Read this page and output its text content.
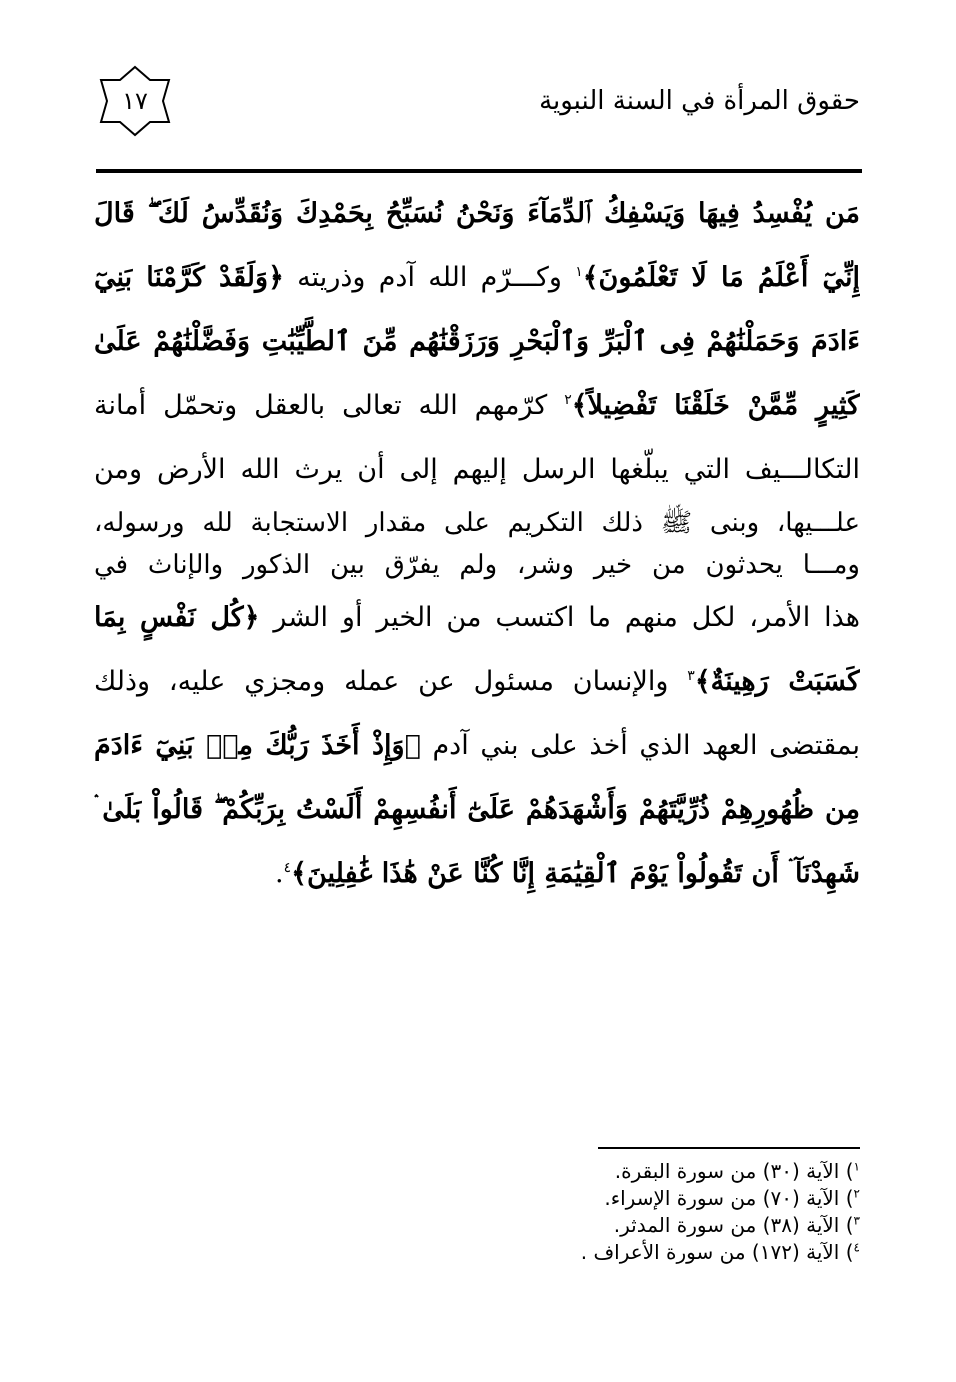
حقوق المرأة في السنة النبوية
١٧
مَن يُفْسِدُ فِيهَا وَيَسْفِكُ ٱلدِّمَآءَ وَنَحْنُ نُسَبِّحُ بِحَمْدِكَ وَنُقَدِّسُ لَكَ ۖ قَالَ
إِنِّيٓ أَعْلَمُ مَا لَا تَعْلَمُونَ﴾$^١$ وكـــرّم الله آدم وذريته ﴿وَلَقَدْ كَرَّمْنَا بَنِيٓ
ءَادَمَ وَحَمَلْنَٰهُمْ فِى ٱلْبَرِّ وَٱلْبَحْرِ وَرَزَقْنَٰهُم مِّنَ ٱلطَّيِّبَٰتِ وَفَضَّلْنَٰهُمْ عَلَىٰ
كَثِيرٍ مِّمَّنْ خَلَقْنَا تَفْضِيلاً﴾$^٢$ كرّمهم الله تعالى بالعقل وتحمّل أمانة
التكالـــيف التي يبلّغها الرسل إليهم إلى أن يرث الله الأرض ومن
علـــيها، وبنى ﷺ ذلك التكريم على مقدار الاستجابة لله ورسوله،
ومـــا يحدثون من خير وشر، ولم يفرّق بين الذكور والإناث في
هذا الأمر، لكل منهم ما اكتسب من الخير أو الشر ﴿كُل نَفْسٍ بِمَا
كَسَبَتْ رَهِينَةٌ﴾$^٣$ والإنسان مسئول عن عمله ومجزي عليه، وذلك
بمقتضى العهد الذي أخذ على بني آدم ﴿وَإِذْ أَخَذَ رَبُّكَ مِنۢ بَنِيٓ ءَادَمَ
مِن ظُهُورِهِمْ ذُرِّيَّتَهُمْ وَأَشْهَدَهُمْ عَلَىٰٓ أَنفُسِهِمْ أَلَسْتُ بِرَبِّكُمْ ۖ قَالُواْ بَلَىٰ ۛ
شَهِدْنَآ ۛ أَن تَقُولُواْ يَوْمَ ٱلْقِيَٰمَةِ إِنَّا كُنَّا عَنْ هَٰذَا غَٰفِلِينَ﴾$^٤$.
$^١$) الآية (٣٠) من سورة البقرة.
$^٢$) الآية (٧٠) من سورة الإسراء.
$^٣$) الآية (٣٨) من سورة المدثر.
$^٤$) الآية (١٧٢) من سورة الأعراف .
